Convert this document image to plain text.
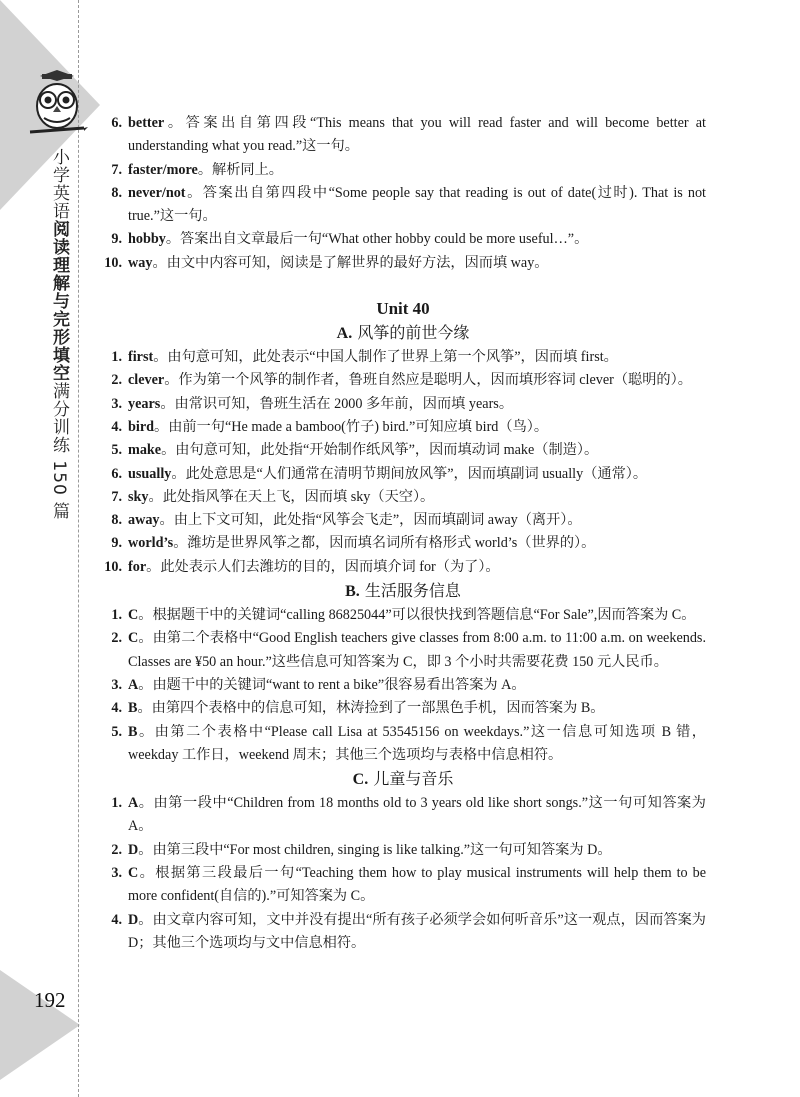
小学英语阅读理解与完形填空满分训练 150 篇
192
6. better。答案出自第四段“This means that you will read faster and will become better at understanding what you read.”这一句。
7. faster/more。解析同上。
8. never/not。答案出自第四段中“Some people say that reading is out of date(过时). That is not true.”这一句。
9. hobby。答案出自文章最后一句“What other hobby could be more useful…”。
10. way。由文中内容可知，阅读是了解世界的最好方法，因而填 way。
Unit 40
A. 风筝的前世今缘
1. first。由句意可知，此处表示“中国人制作了世界上第一个风筝”，因而填 first。
2. clever。作为第一个风筝的制作者，鲁班自然应是聪明人，因而填形容词 clever（聪明的）。
3. years。由常识可知，鲁班生活在 2000 多年前，因而填 years。
4. bird。由前一句“He made a bamboo(竹子) bird.”可知应填 bird（鸟）。
5. make。由句意可知，此处指“开始制作纸风筝”，因而填动词 make（制造）。
6. usually。此处意思是“人们通常在清明节期间放风筝”，因而填副词 usually（通常）。
7. sky。此处指风筝在天上飞，因而填 sky（天空）。
8. away。由上下文可知，此处指“风筝会飞走”，因而填副词 away（离开）。
9. world’s。潍坊是世界风筝之都，因而填名词所有格形式 world’s（世界的）。
10. for。此处表示人们去潍坊的目的，因而填介词 for（为了）。
B. 生活服务信息
1. C。根据题干中的关键词“calling 86825044”可以很快找到答题信息“For Sale”,因而答案为 C。
2. C。由第二个表格中“Good English teachers give classes from 8:00 a.m. to 11:00 a.m. on weekends. Classes are ¥50 an hour.”这些信息可知答案为 C，即 3 个小时共需要花费 150 元人民币。
3. A。由题干中的关键词“want to rent a bike”很容易看出答案为 A。
4. B。由第四个表格中的信息可知，林涛捡到了一部黑色手机，因而答案为 B。
5. B。由第二个表格中“Please call Lisa at 53545156 on weekdays.”这一信息可知选项 B 错，weekday 工作日，weekend 周末；其他三个选项均与表格中信息相符。
C. 儿童与音乐
1. A。由第一段中“Children from 18 months old to 3 years old like short songs.”这一句可知答案为 A。
2. D。由第三段中“For most children, singing is like talking.”这一句可知答案为 D。
3. C。根据第三段最后一句“Teaching them how to play musical instruments will help them to be more confident(自信的).”可知答案为 C。
4. D。由文章内容可知，文中并没有提出“所有孩子必须学会如何听音乐”这一观点，因而答案为 D；其他三个选项均与文中信息相符。
